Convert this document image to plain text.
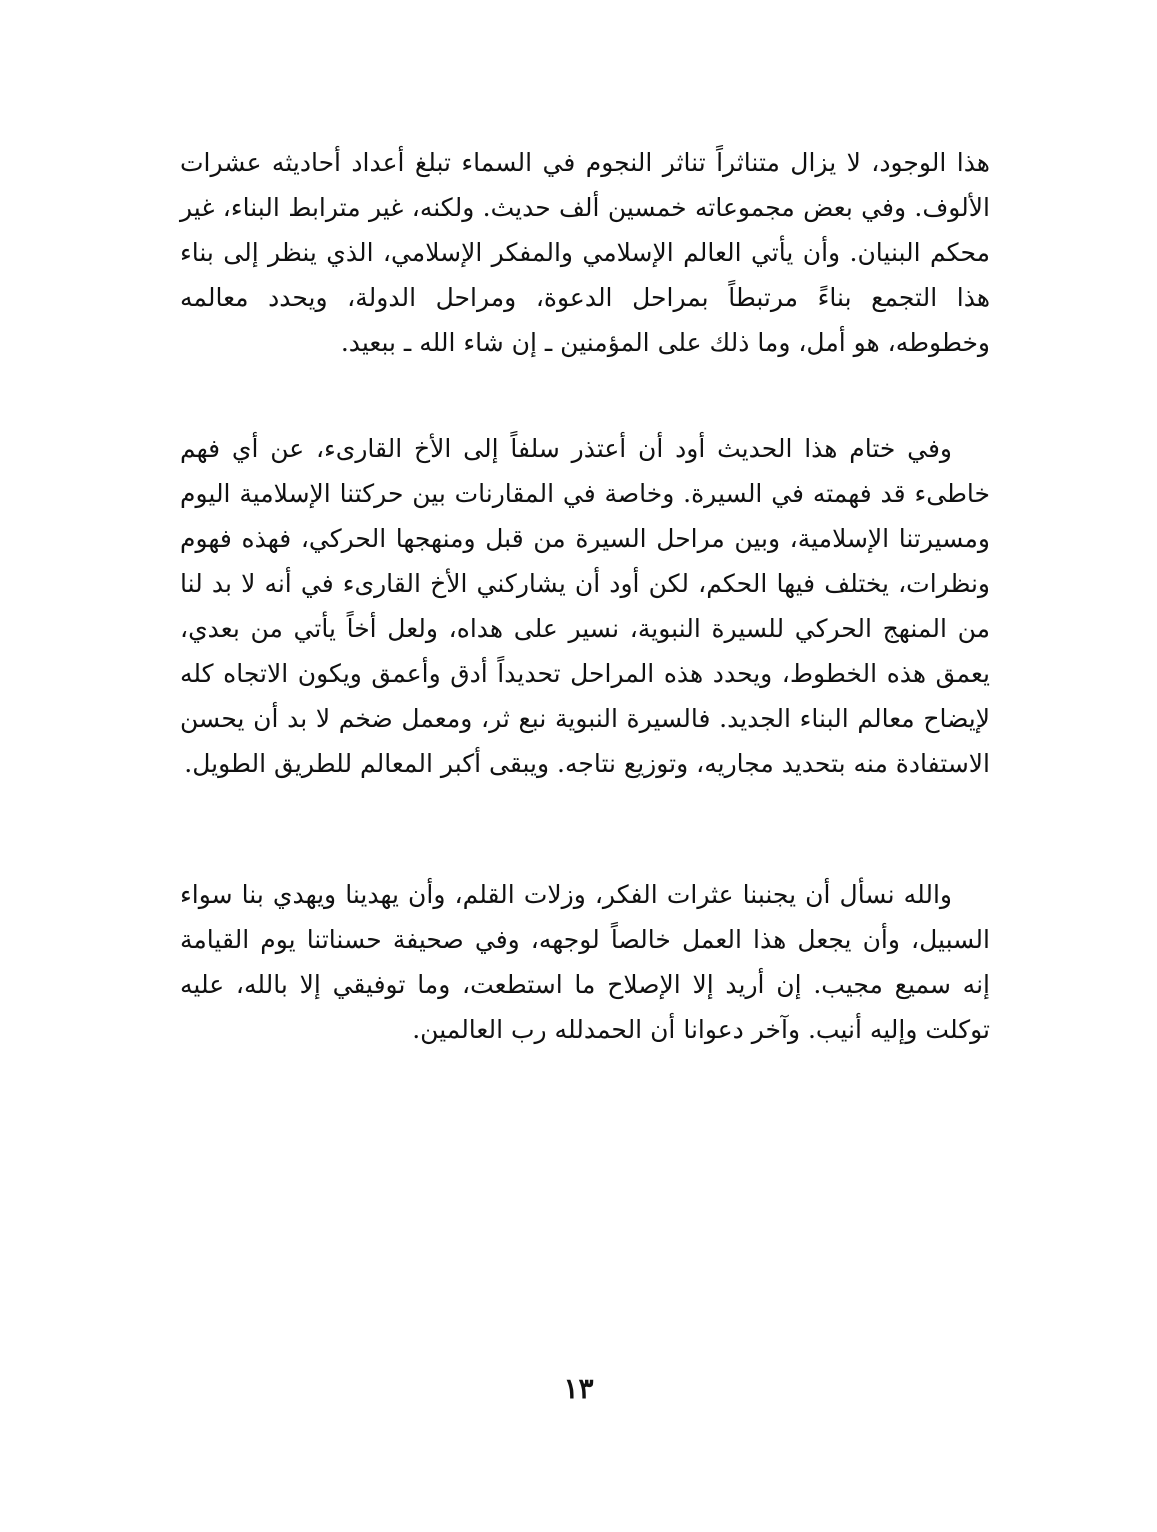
هذا الوجود، لا يزال متناثراً تناثر النجوم في السماء تبلغ أعداد أحاديثه عشرات الألوف. وفي بعض مجموعاته خمسين ألف حديث. ولكنه، غير مترابط البناء، غير محكم البنيان. وأن يأتي العالم الإسلامي والمفكر الإسلامي، الذي ينظر إلى بناء هذا التجمع بناءً مرتبطاً بمراحل الدعوة، ومراحل الدولة، ويحدد معالمه وخطوطه، هو أمل، وما ذلك على المؤمنين ـ إن شاء الله ـ ببعيد.

وفي ختام هذا الحديث أود أن أعتذر سلفاً إلى الأخ القارىء، عن أي فهم خاطىء قد فهمته في السيرة. وخاصة في المقارنات بين حركتنا الإسلامية اليوم ومسيرتنا الإسلامية، وبين مراحل السيرة من قبل ومنهجها الحركي، فهذه فهوم ونظرات، يختلف فيها الحكم، لكن أود أن يشاركني الأخ القارىء في أنه لا بد لنا من المنهج الحركي للسيرة النبوية، نسير على هداه، ولعل أخاً يأتي من بعدي، يعمق هذه الخطوط، ويحدد هذه المراحل تحديداً أدق وأعمق ويكون الاتجاه كله لإيضاح معالم البناء الجديد. فالسيرة النبوية نبع ثر، ومعمل ضخم لا بد أن يحسن الاستفادة منه بتحديد مجاريه، وتوزيع نتاجه. ويبقى أكبر المعالم للطريق الطويل.

والله نسأل أن يجنبنا عثرات الفكر، وزلات القلم، وأن يهدينا ويهدي بنا سواء السبيل، وأن يجعل هذا العمل خالصاً لوجهه، وفي صحيفة حسناتنا يوم القيامة إنه سميع مجيب. إن أريد إلا الإصلاح ما استطعت، وما توفيقي إلا بالله، عليه توكلت وإليه أنيب. وآخر دعوانا أن الحمدلله رب العالمين.

١٣
